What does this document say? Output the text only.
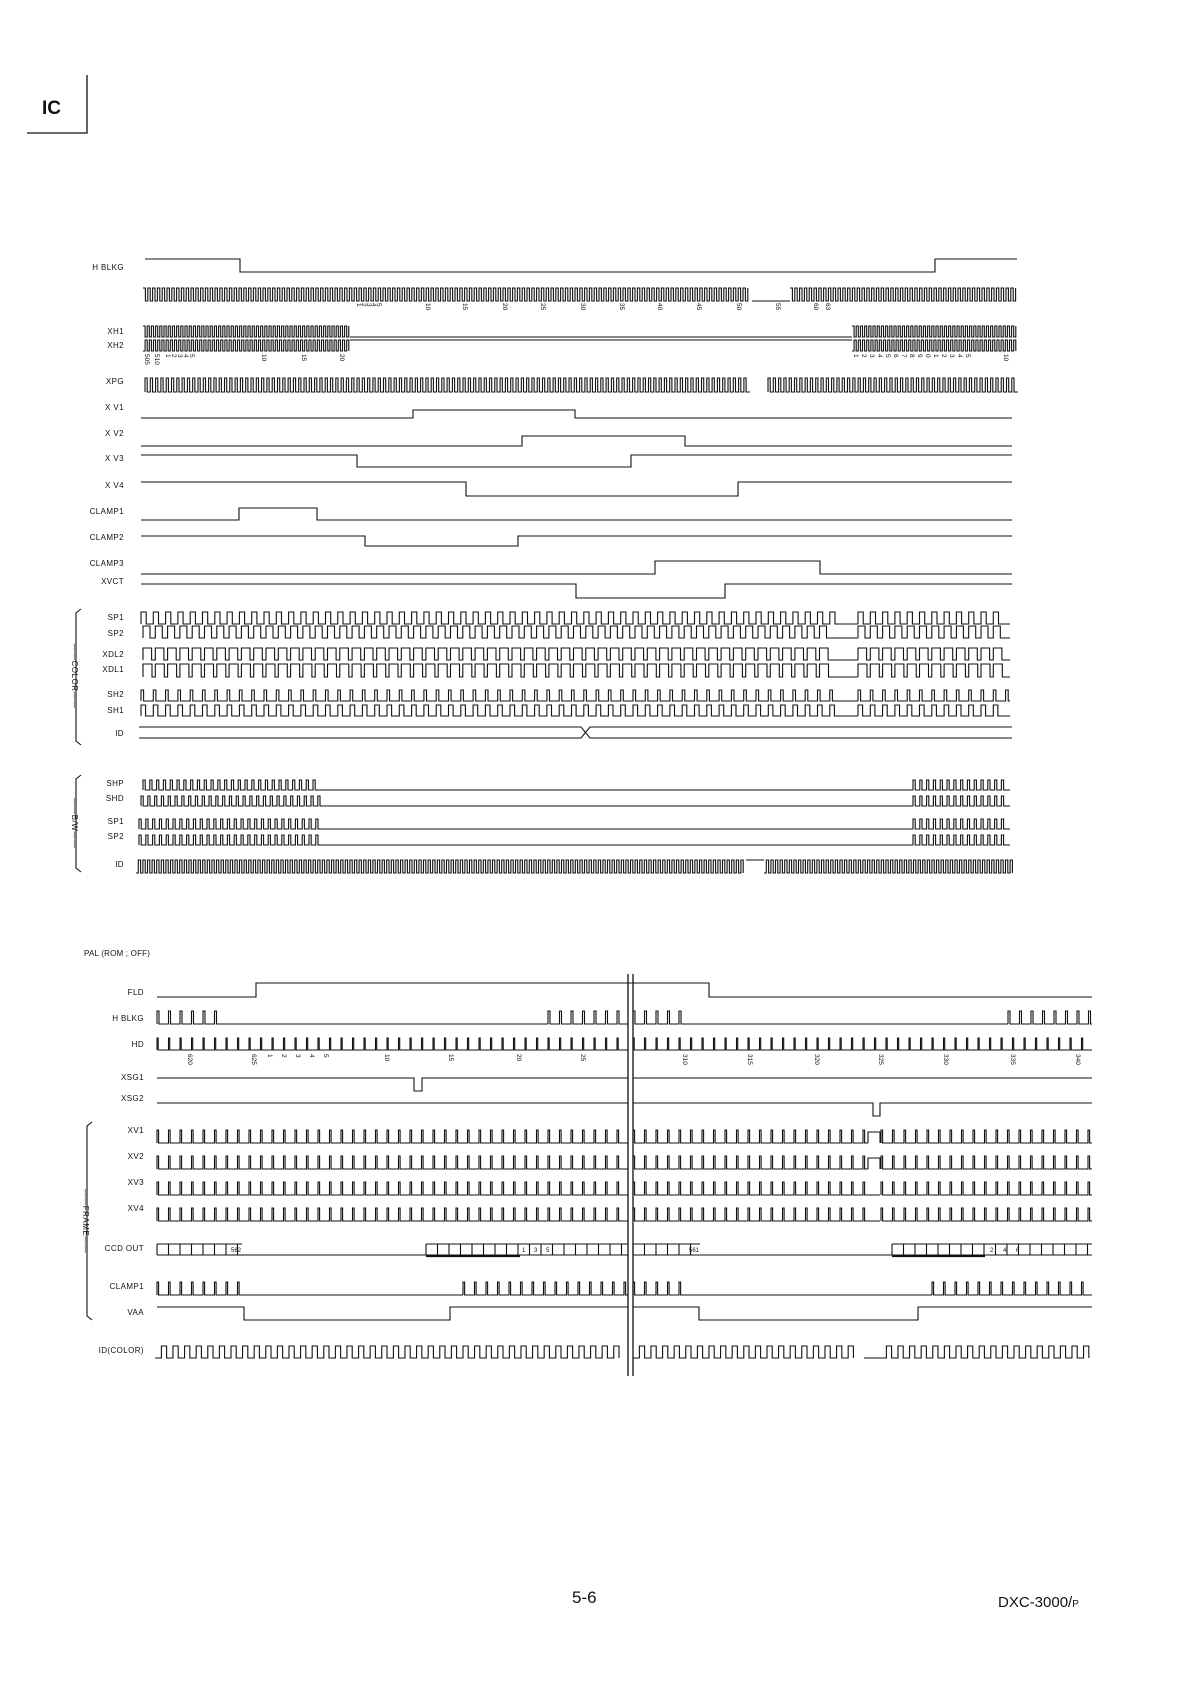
IC
PAL (ROM ; OFF)
5-6	DXC-3000/P
H BLKG
1
2
3
4
5	10	15	20	25	30	35	40	45	50	55	60 63
XH1
XH2
505 510 1 2 3 4 5	10	15	20	1 2 3 4 5 6 7 8 9 0 1 2 3 4 5	10
XPG
X V1
X V2
X V3
X V4
CLAMP1
CLAMP2
CLAMP3
XVCT
SP1
SP2
XDL2
XDL1
SH2
SH1
ID
——COLOR——
SHP
SHD
SP1
SP2
ID
——B/W——
FLD
H BLKG
HD
620	625 1 2 3 4 5	10	15	20	25	310	315	320	325	330	335	340
XSG1
XSG2
XV1
XV2
XV3
XV4
CCD OUT	562	1 3 5	561	2 4 6
CLAMP1
VAA
——FRAME——
ID(COLOR)
